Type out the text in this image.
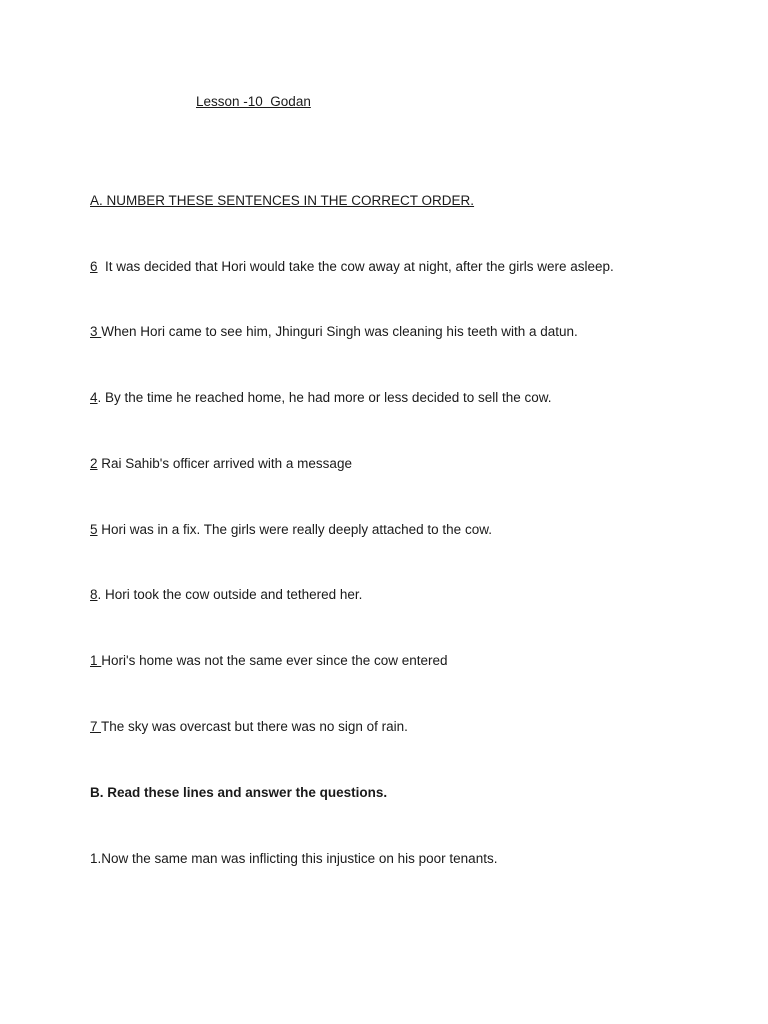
Lesson -10  Godan
A. NUMBER THESE SENTENCES IN THE CORRECT ORDER.
6  It was decided that Hori would take the cow away at night, after the girls were asleep.
3 When Hori came to see him, Jhinguri Singh was cleaning his teeth with a datun.
4. By the time he reached home, he had more or less decided to sell the cow.
2 Rai Sahib's officer arrived with a message
5 Hori was in a fix. The girls were really deeply attached to the cow.
8. Hori took the cow outside and tethered her.
1 Hori's home was not the same ever since the cow entered
7 The sky was overcast but there was no sign of rain.
B. Read these lines and answer the questions.
1.Now the same man was inflicting this injustice on his poor tenants.
